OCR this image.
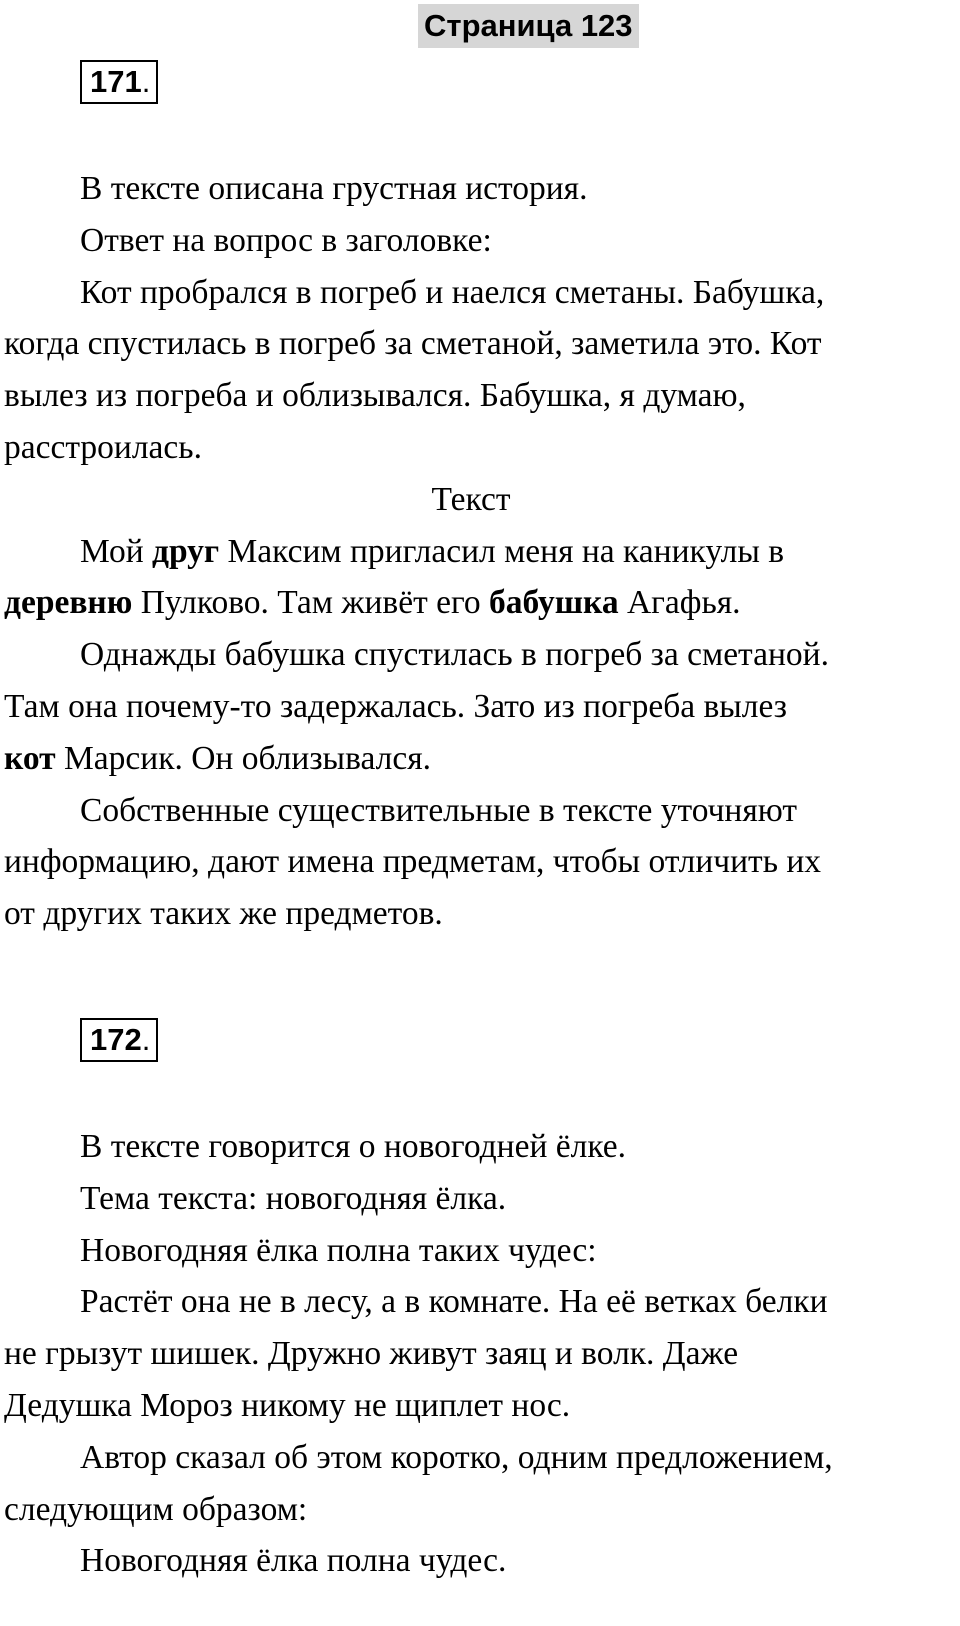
Страница 123
171.

В тексте описана грустная история.

Ответ на вопрос в заголовке:

Кот пробрался в погреб и наелся сметаны. Бабушка,

когда спустилась в погреб за сметаной, заметила это. Кот

вылез из погреба и облизывался. Бабушка, я думаю,

расстроилась.

Текст

Мой друг Максим пригласил меня на каникулы в

деревню Пулково. Там живёт его бабушка Агафья.

Однажды бабушка спустилась в погреб за сметаной.

Там она почему-то задержалась. Зато из погреба вылез

кот Марсик. Он облизывался.

Собственные существительные в тексте уточняют

информацию, дают имена предметам, чтобы отличить их

от других таких же предметов.

172.

В тексте говорится о новогодней ёлке.

Тема текста: новогодняя ёлка.

Новогодняя ёлка полна таких чудес:

Растёт она не в лесу, а в комнате. На её ветках белки

не грызут шишек. Дружно живут заяц и волк. Даже

Дедушка Мороз никому не щиплет нос.

Автор сказал об этом коротко, одним предложением,

следующим образом:

Новогодняя ёлка полна чудес.
